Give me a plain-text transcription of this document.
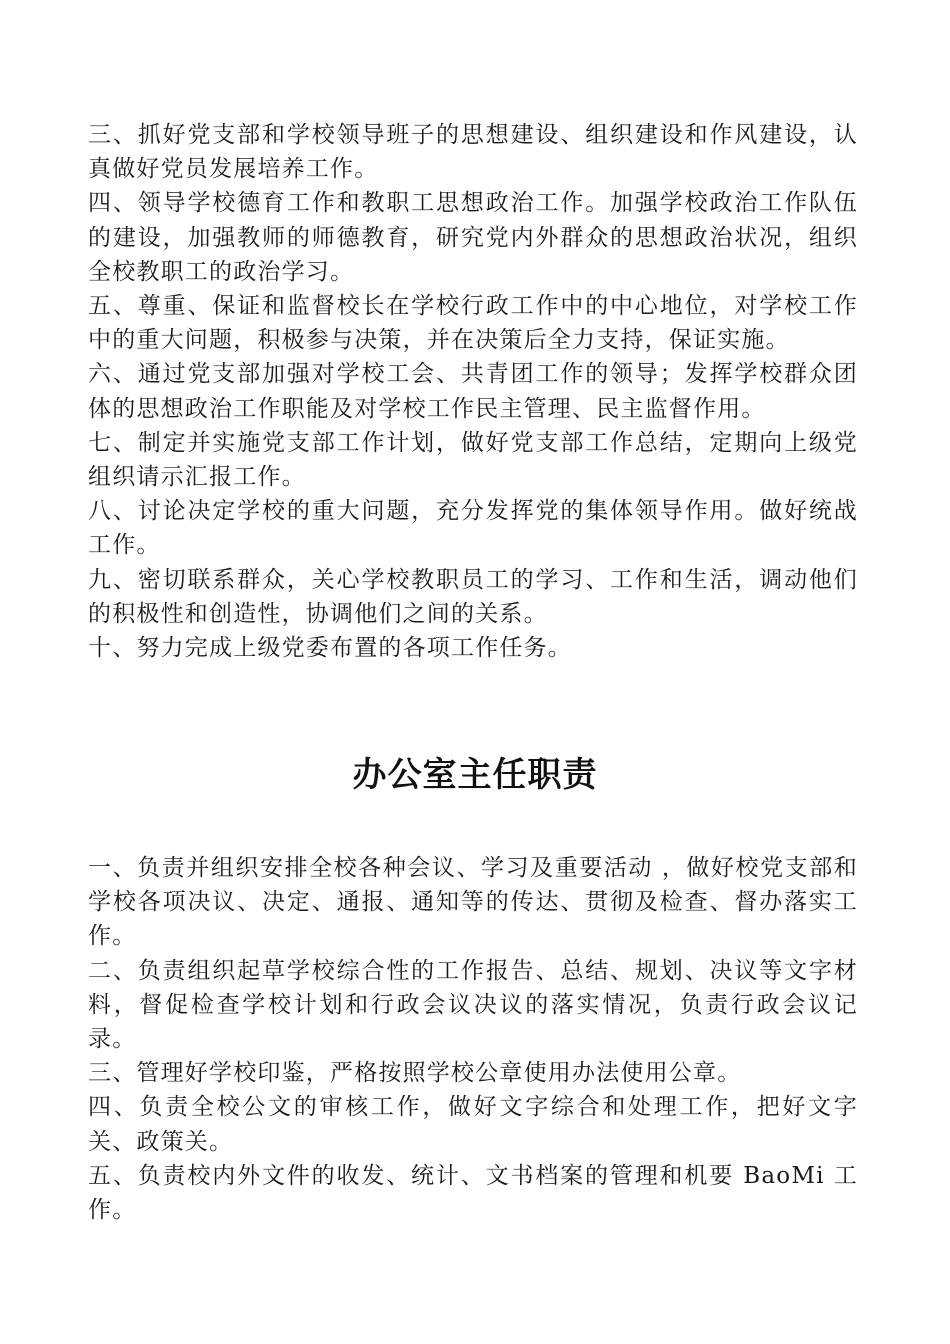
三、抓好党支部和学校领导班子的思想建设、组织建设和作风建设，认真做好党员发展培养工作。

四、领导学校德育工作和教职工思想政治工作。加强学校政治工作队伍的建设，加强教师的师德教育，研究党内外群众的思想政治状况，组织全校教职工的政治学习。

五、尊重、保证和监督校长在学校行政工作中的中心地位，对学校工作中的重大问题，积极参与决策，并在决策后全力支持，保证实施。

六、通过党支部加强对学校工会、共青团工作的领导；发挥学校群众团体的思想政治工作职能及对学校工作民主管理、民主监督作用。

七、制定并实施党支部工作计划，做好党支部工作总结，定期向上级党组织请示汇报工作。

八、讨论决定学校的重大问题，充分发挥党的集体领导作用。做好统战工作。

九、密切联系群众，关心学校教职员工的学习、工作和生活，调动他们的积极性和创造性，协调他们之间的关系。

十、努力完成上级党委布置的各项工作任务。

办公室主任职责

一、负责并组织安排全校各种会议、学习及重要活动 ，做好校党支部和学校各项决议、决定、通报、通知等的传达、贯彻及检查、督办落实工作。

二、负责组织起草学校综合性的工作报告、总结、规划、决议等文字材料，督促检查学校计划和行政会议决议的落实情况，负责行政会议记录。

三、管理好学校印鉴，严格按照学校公章使用办法使用公章。

四、负责全校公文的审核工作，做好文字综合和处理工作，把好文字关、政策关。

五、负责校内外文件的收发、统计、文书档案的管理和机要 BaoMi 工作。
